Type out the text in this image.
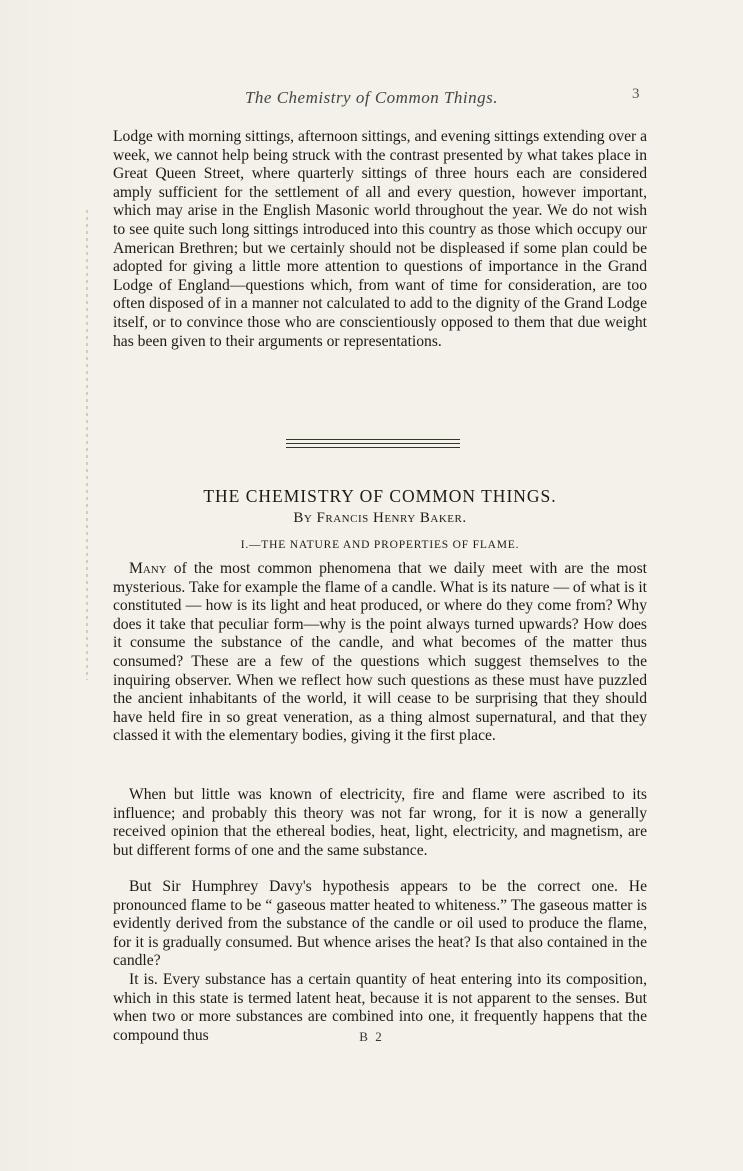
The Chemistry of Common Things.	3

Lodge with morning sittings, afternoon sittings, and evening sittings extending over a week, we cannot help being struck with the contrast presented by what takes place in Great Queen Street, where quarterly sittings of three hours each are considered amply sufficient for the settlement of all and every question, however important, which may arise in the English Masonic world throughout the year. We do not wish to see quite such long sittings introduced into this country as those which occupy our American Brethren; but we certainly should not be displeased if some plan could be adopted for giving a little more attention to questions of importance in the Grand Lodge of England—questions which, from want of time for consideration, are too often disposed of in a manner not calculated to add to the dignity of the Grand Lodge itself, or to convince those who are conscientiously opposed to them that due weight has been given to their arguments or representations.

THE CHEMISTRY OF COMMON THINGS.
By Francis Henry Baker.
I.—THE NATURE AND PROPERTIES OF FLAME.

Many of the most common phenomena that we daily meet with are the most mysterious. Take for example the flame of a candle. What is its nature — of what is it constituted — how is its light and heat produced, or where do they come from? Why does it take that peculiar form—why is the point always turned upwards? How does it consume the substance of the candle, and what becomes of the matter thus consumed? These are a few of the questions which suggest themselves to the inquiring observer. When we reflect how such questions as these must have puzzled the ancient inhabitants of the world, it will cease to be surprising that they should have held fire in so great veneration, as a thing almost supernatural, and that they classed it with the elementary bodies, giving it the first place.

When but little was known of electricity, fire and flame were ascribed to its influence; and probably this theory was not far wrong, for it is now a generally received opinion that the ethereal bodies, heat, light, electricity, and magnetism, are but different forms of one and the same substance.

But Sir Humphrey Davy's hypothesis appears to be the correct one. He pronounced flame to be “ gaseous matter heated to whiteness.” The gaseous matter is evidently derived from the substance of the candle or oil used to produce the flame, for it is gradually consumed. But whence arises the heat? Is that also contained in the candle?

It is. Every substance has a certain quantity of heat entering into its composition, which in this state is termed latent heat, because it is not apparent to the senses. But when two or more substances are combined into one, it frequently happens that the compound thus	B 2
